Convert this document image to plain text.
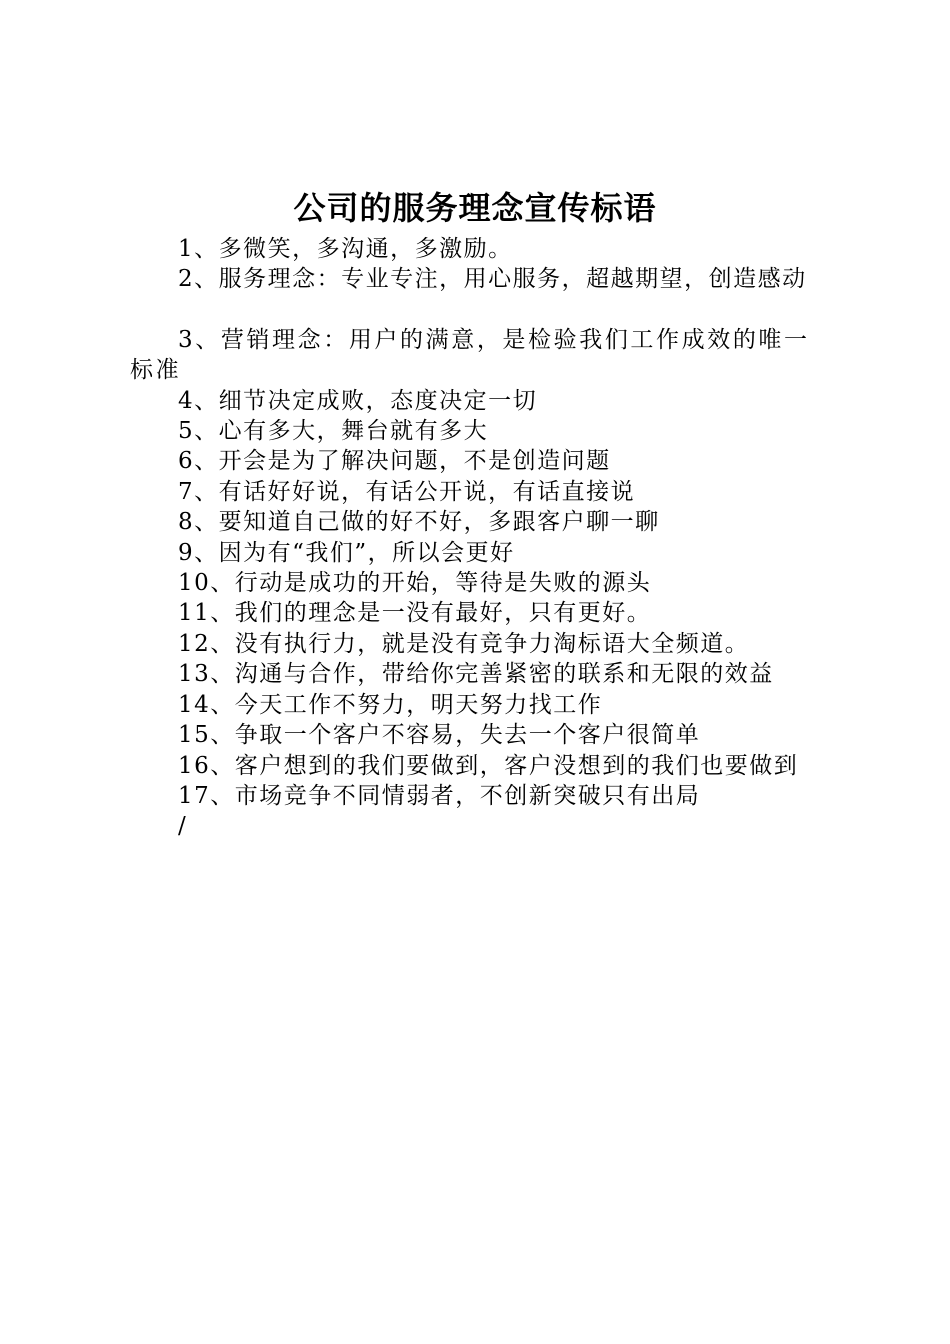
公司的服务理念宣传标语

1、多微笑，多沟通，多激励。

2、服务理念：专业专注，用心服务，超越期望，创造感动

3、营销理念：用户的满意，是检验我们工作成效的唯一标准

4、细节决定成败，态度决定一切

5、心有多大，舞台就有多大

6、开会是为了解决问题，不是创造问题

7、有话好好说，有话公开说，有话直接说

8、要知道自己做的好不好，多跟客户聊一聊

9、因为有“我们”，所以会更好

10、行动是成功的开始，等待是失败的源头

11、我们的理念是一没有最好，只有更好。

12、没有执行力，就是没有竞争力淘标语大全频道。

13、沟通与合作，带给你完善紧密的联系和无限的效益

14、今天工作不努力，明天努力找工作

15、争取一个客户不容易，失去一个客户很简单

16、客户想到的我们要做到，客户没想到的我们也要做到

17、市场竞争不同情弱者，不创新突破只有出局

/
